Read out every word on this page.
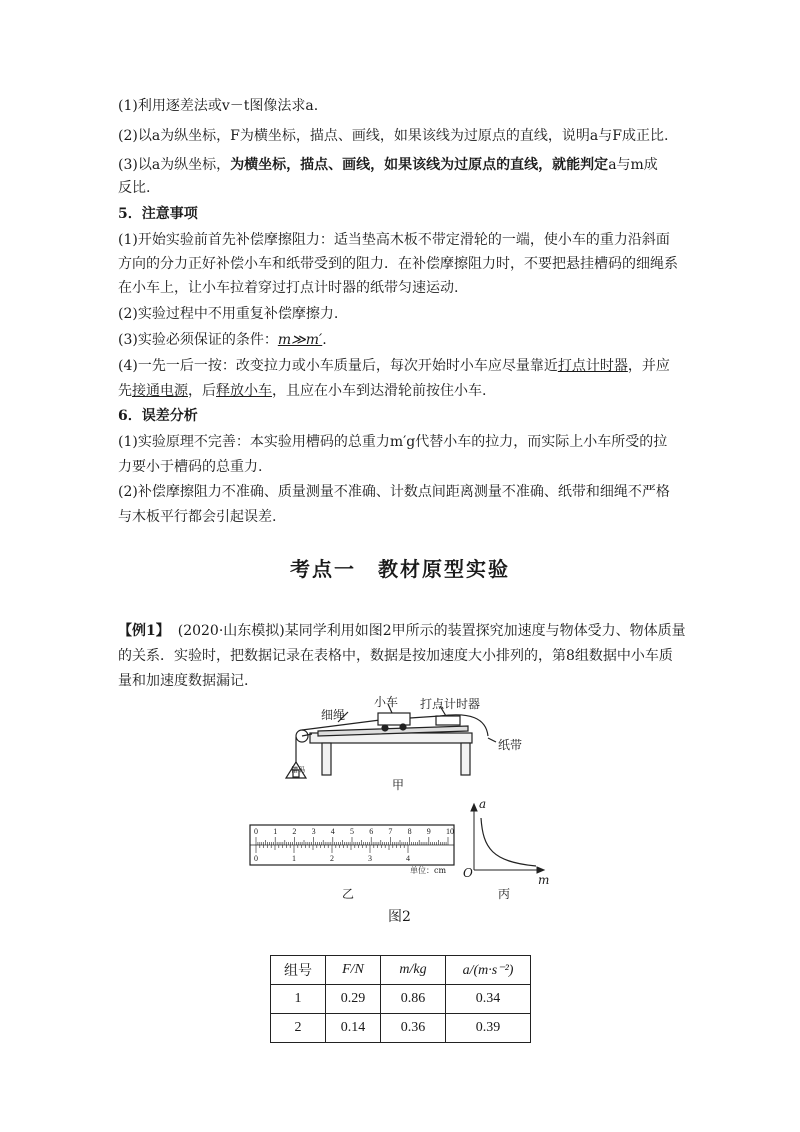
(1)利用逐差法或v－t图像法求a.
(2)以a为纵坐标，F为横坐标，描点、画线，如果该线为过原点的直线，说明a与F成正比.
(3)以a为纵坐标，为横坐标，描点、画线，如果该线为过原点的直线，就能判定a与m成
反比.
5．注意事项
(1)开始实验前首先补偿摩擦阻力：适当垫高木板不带定滑轮的一端，使小车的重力沿斜面
方向的分力正好补偿小车和纸带受到的阻力．在补偿摩擦阻力时，不要把悬挂槽码的细绳系
在小车上，让小车拉着穿过打点计时器的纸带匀速运动.
(2)实验过程中不用重复补偿摩擦力.
(3)实验必须保证的条件：m≫m′.
(4)一先一后一按：改变拉力或小车质量后，每次开始时小车应尽量靠近打点计时器，并应
先接通电源，后释放小车，且应在小车到达滑轮前按住小车.
6．误差分析
(1)实验原理不完善：本实验用槽码的总重力m′g代替小车的拉力，而实际上小车所受的拉
力要小于槽码的总重力.
(2)补偿摩擦阻力不准确、质量测量不准确、计数点间距离测量不准确、纸带和细绳不严格
与木板平行都会引起误差.
考点一　教材原型实验
【例1】 (2020·山东模拟)某同学利用如图2甲所示的装置探究加速度与物体受力、物体质量
的关系．实验时，把数据记录在表格中，数据是按加速度大小排列的，第8组数据中小车质
量和加速度数据漏记.
0 1 2 3 4 5 6 7 8 9 10
0	1	2	3	4
细绳
小车 打点计时器
纸带
槽码
甲
单位：cm
乙	丙
a
m
O
图2
组号	F/N	m/kg	a/(m·s⁻²)
1	0.29	0.86	0.34
2	0.14	0.36	0.39
